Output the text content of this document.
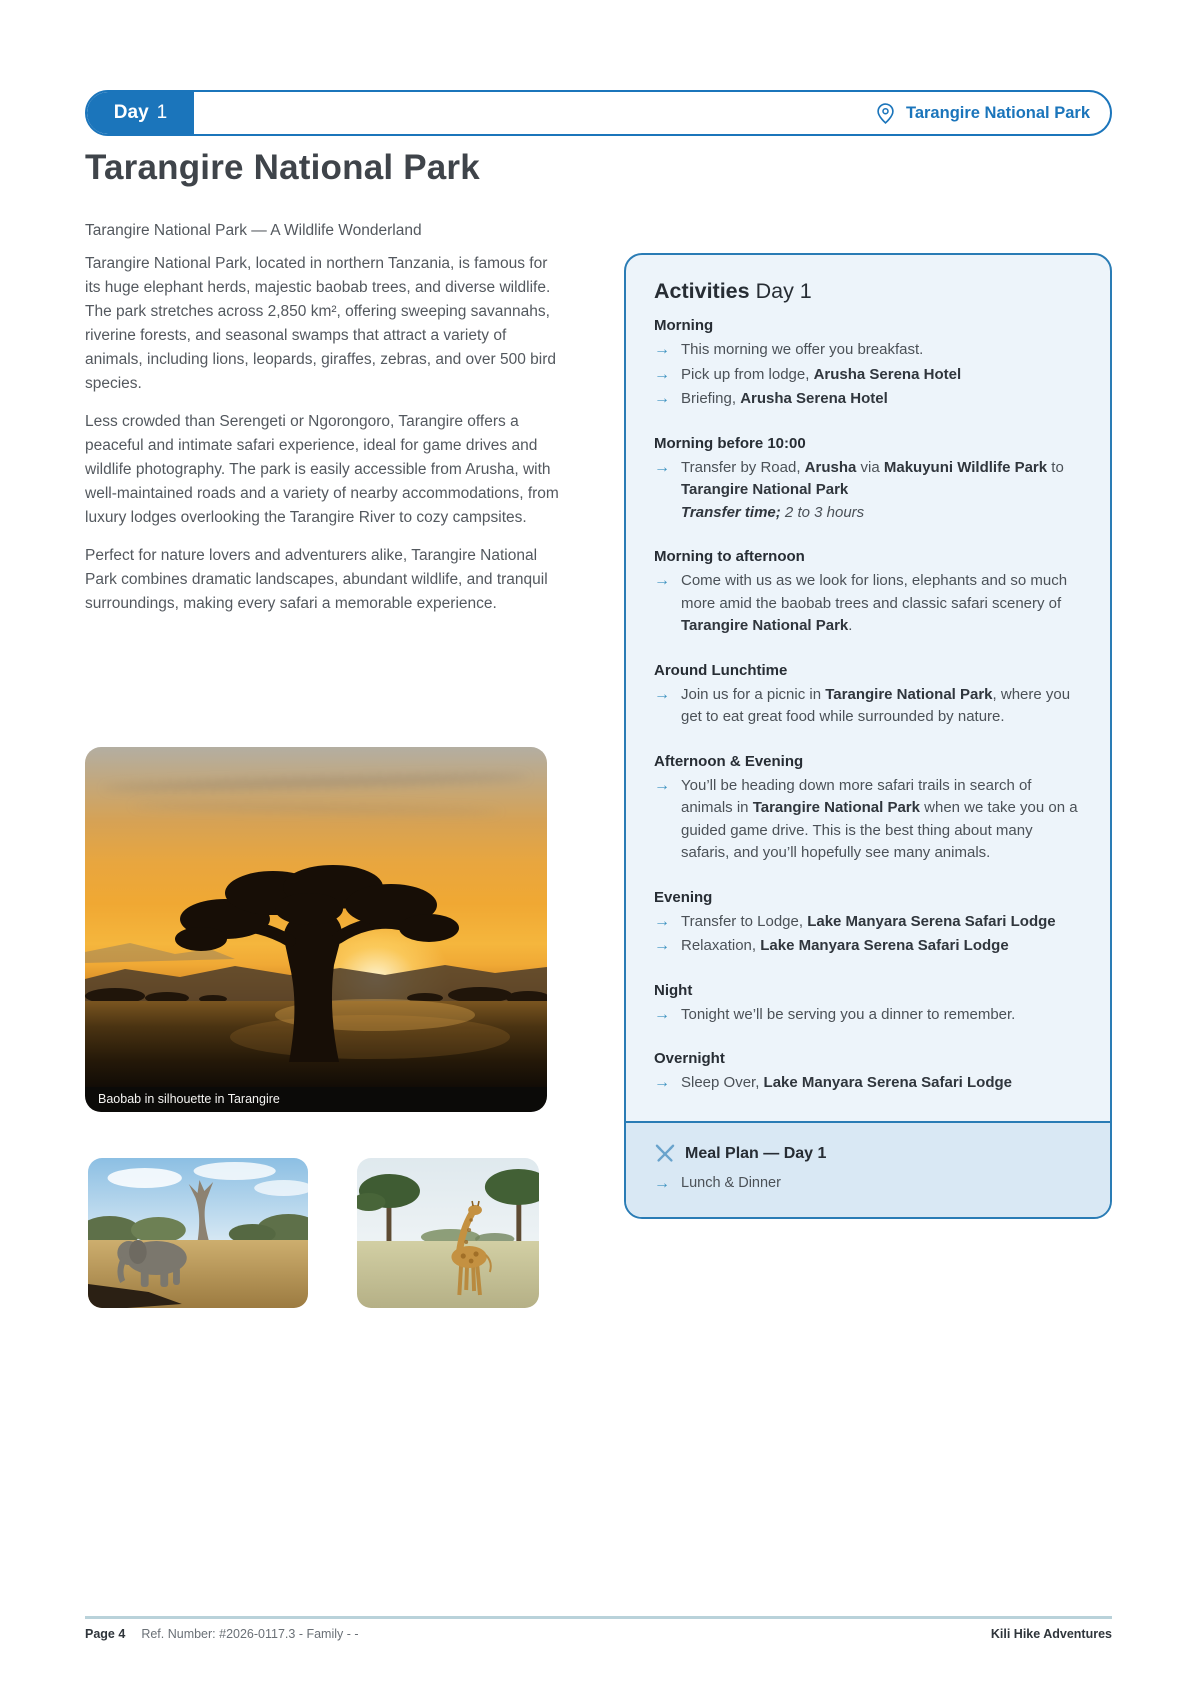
Day 1	Tarangire National Park
Tarangire National Park
Tarangire National Park — A Wildlife Wonderland

Tarangire National Park, located in northern Tanzania, is famous for its huge elephant herds, majestic baobab trees, and diverse wildlife. The park stretches across 2,850 km², offering sweeping savannahs, riverine forests, and seasonal swamps that attract a variety of animals, including lions, leopards, giraffes, zebras, and over 500 bird species.

Less crowded than Serengeti or Ngorongoro, Tarangire offers a peaceful and intimate safari experience, ideal for game drives and wildlife photography. The park is easily accessible from Arusha, with well-maintained roads and a variety of nearby accommodations, from luxury lodges overlooking the Tarangire River to cozy campsites.

Perfect for nature lovers and adventurers alike, Tarangire National Park combines dramatic landscapes, abundant wildlife, and tranquil surroundings, making every safari a memorable experience.

Baobab in silhouette in Tarangire
Activities Day 1
Morning
→ This morning we offer you breakfast.
→ Pick up from lodge, Arusha Serena Hotel
→ Briefing, Arusha Serena Hotel
Morning before 10:00
→ Transfer by Road, Arusha via Makuyuni Wildlife Park to Tarangire National Park
Transfer time; 2 to 3 hours
Morning to afternoon
→ Come with us as we look for lions, elephants and so much more amid the baobab trees and classic safari scenery of Tarangire National Park.
Around Lunchtime
→ Join us for a picnic in Tarangire National Park, where you get to eat great food while surrounded by nature.
Afternoon & Evening
→ You’ll be heading down more safari trails in search of animals in Tarangire National Park when we take you on a guided game drive. This is the best thing about many safaris, and you’ll hopefully see many animals.
Evening
→ Transfer to Lodge, Lake Manyara Serena Safari Lodge
→ Relaxation, Lake Manyara Serena Safari Lodge
Night
→ Tonight we’ll be serving you a dinner to remember.
Overnight
→ Sleep Over, Lake Manyara Serena Safari Lodge
Meal Plan — Day 1
→ Lunch & Dinner
Page 4 Ref. Number: #2026-0117.3 - Family - -	Kili Hike Adventures
